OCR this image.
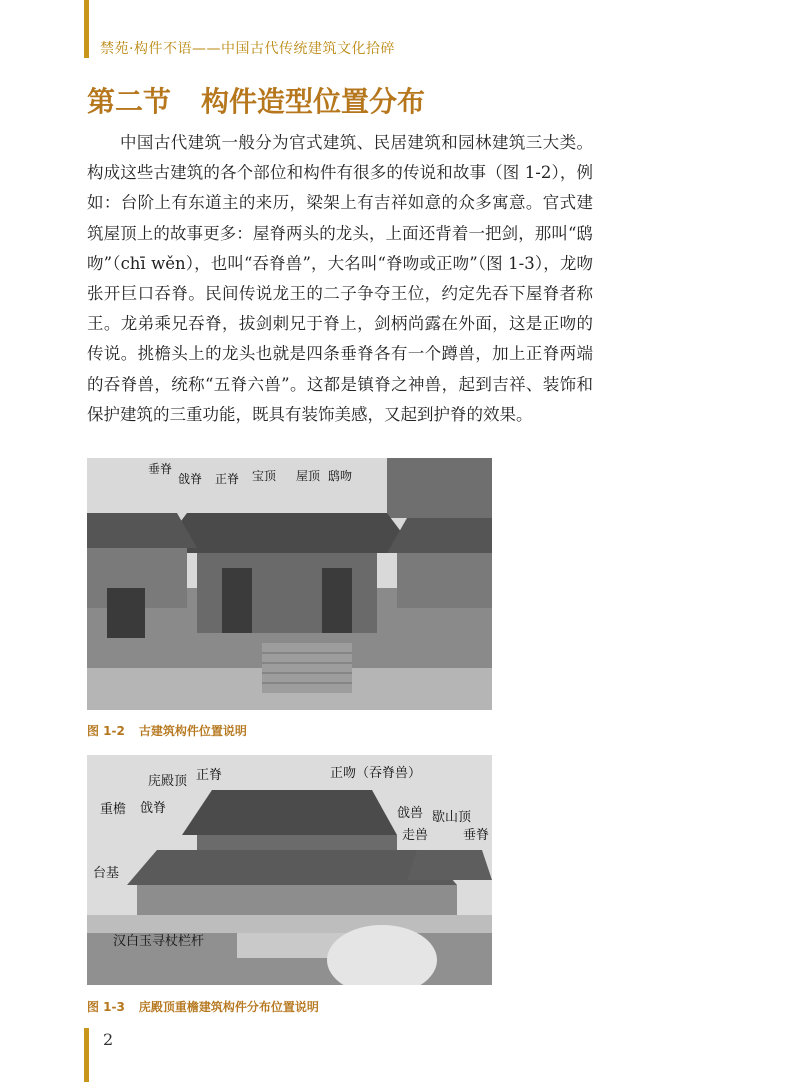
禁苑·构件不语——中国古代传统建筑文化拾碎
第二节 构件造型位置分布

中国古代建筑一般分为官式建筑、民居建筑和园林建筑三大类。构成这些古建筑的各个部位和构件有很多的传说和故事（图 1-2），例如：台阶上有东道主的来历，梁架上有吉祥如意的众多寓意。官式建筑屋顶上的故事更多：屋脊两头的龙头，上面还背着一把剑，那叫“鸱吻”（chī wěn），也叫“吞脊兽”，大名叫“脊吻或正吻”（图 1-3），龙吻张开巨口吞脊。民间传说龙王的二子争夺王位，约定先吞下屋脊者称王。龙弟乘兄吞脊，拔剑刺兄于脊上，剑柄尚露在外面，这是正吻的传说。挑檐头上的龙头也就是四条垂脊各有一个蹲兽，加上正脊两端的吞脊兽，统称“五脊六兽”。这都是镇脊之神兽，起到吉祥、装饰和保护建筑的三重功能，既具有装饰美感，又起到护脊的效果。

垂脊
戗脊 正脊 宝顶 屋顶 鸱吻
图 1-2 古建筑构件位置说明
正脊	正吻（吞脊兽）
庑殿顶
重檐 戗脊	戗兽 歇山顶
走兽	垂脊
台基
汉白玉寻杖栏杆
图 1-3 庑殿顶重檐建筑构件分布位置说明
2
